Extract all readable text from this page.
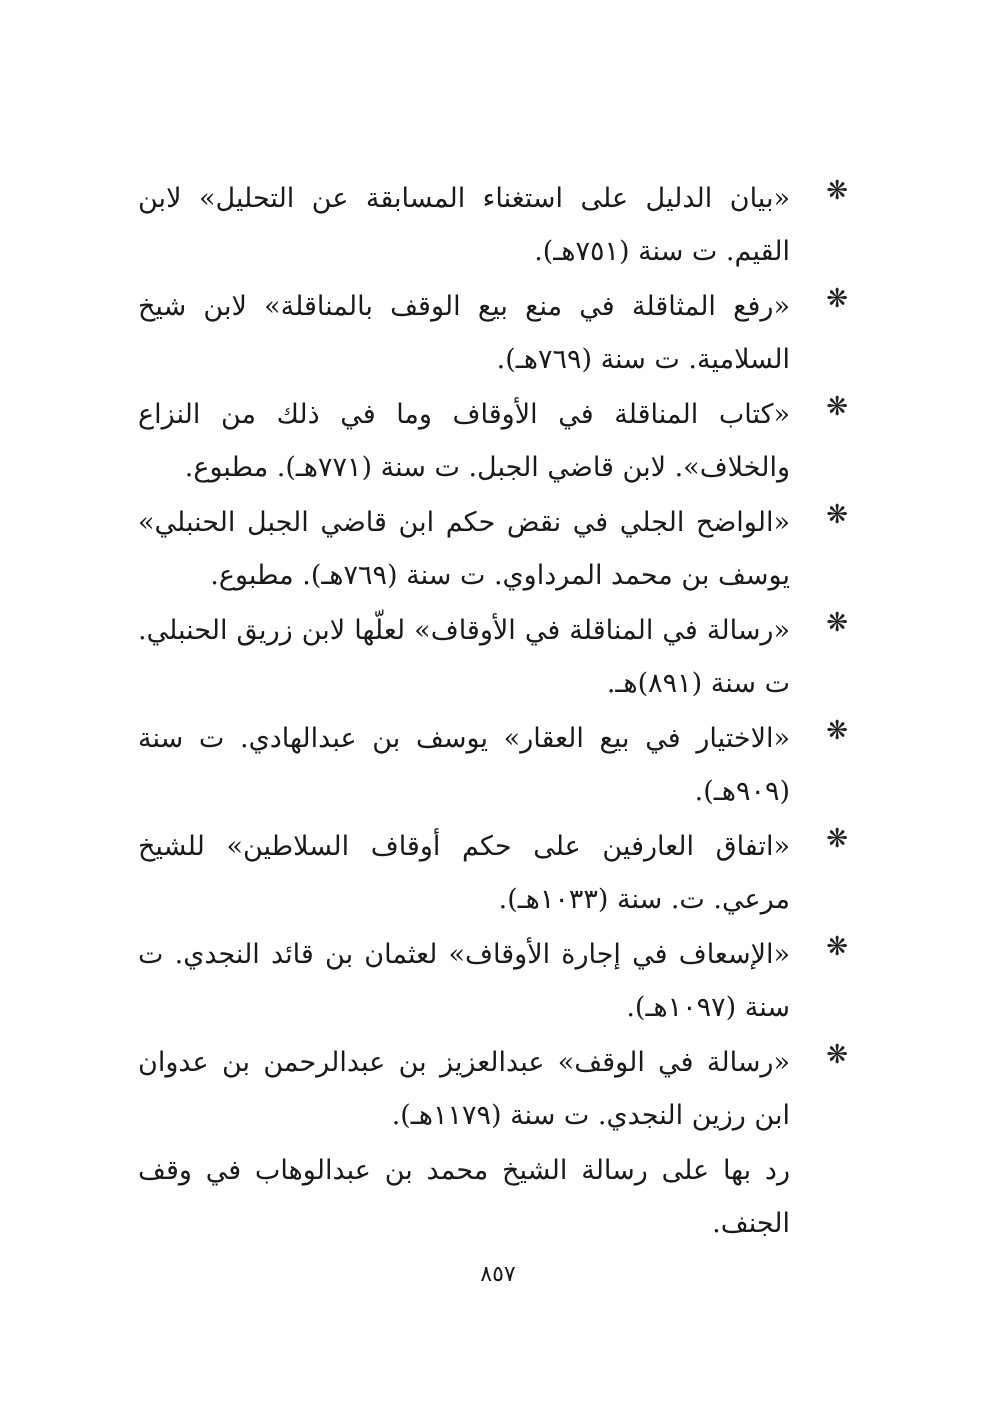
❋

«بيان الدليل على استغناء المسابقة عن التحليل» لابن القيم. ت سنة (٧٥١هـ).

❋

«رفع المثاقلة في منع بيع الوقف بالمناقلة» لابن شيخ السلامية. ت سنة (٧٦٩هـ).

❋

«كتاب المناقلة في الأوقاف وما في ذلك من النزاع والخلاف». لابن قاضي الجبل. ت سنة (٧٧١هـ). مطبوع.

❋

«الواضح الجلي في نقض حكم ابن قاضي الجبل الحنبلي» يوسف بن محمد المرداوي. ت سنة (٧٦٩هـ). مطبوع.

❋

«رسالة في المناقلة في الأوقاف» لعلّها لابن زريق الحنبلي. ت سنة (٨٩١)هـ.

❋

«الاختيار في بيع العقار» يوسف بن عبدالهادي. ت سنة (٩٠٩هـ).

❋

«اتفاق العارفين على حكم أوقاف السلاطين» للشيخ مرعي. ت. سنة (١٠٣٣هـ).

❋

«الإسعاف في إجارة الأوقاف» لعثمان بن قائد النجدي. ت سنة (١٠٩٧هـ).

❋

«رسالة في الوقف» عبدالعزيز بن عبدالرحمن بن عدوان ابن رزين النجدي. ت سنة (١١٧٩هـ).

رد بها على رسالة الشيخ محمد بن عبدالوهاب في وقف الجنف.

٨٥٧
